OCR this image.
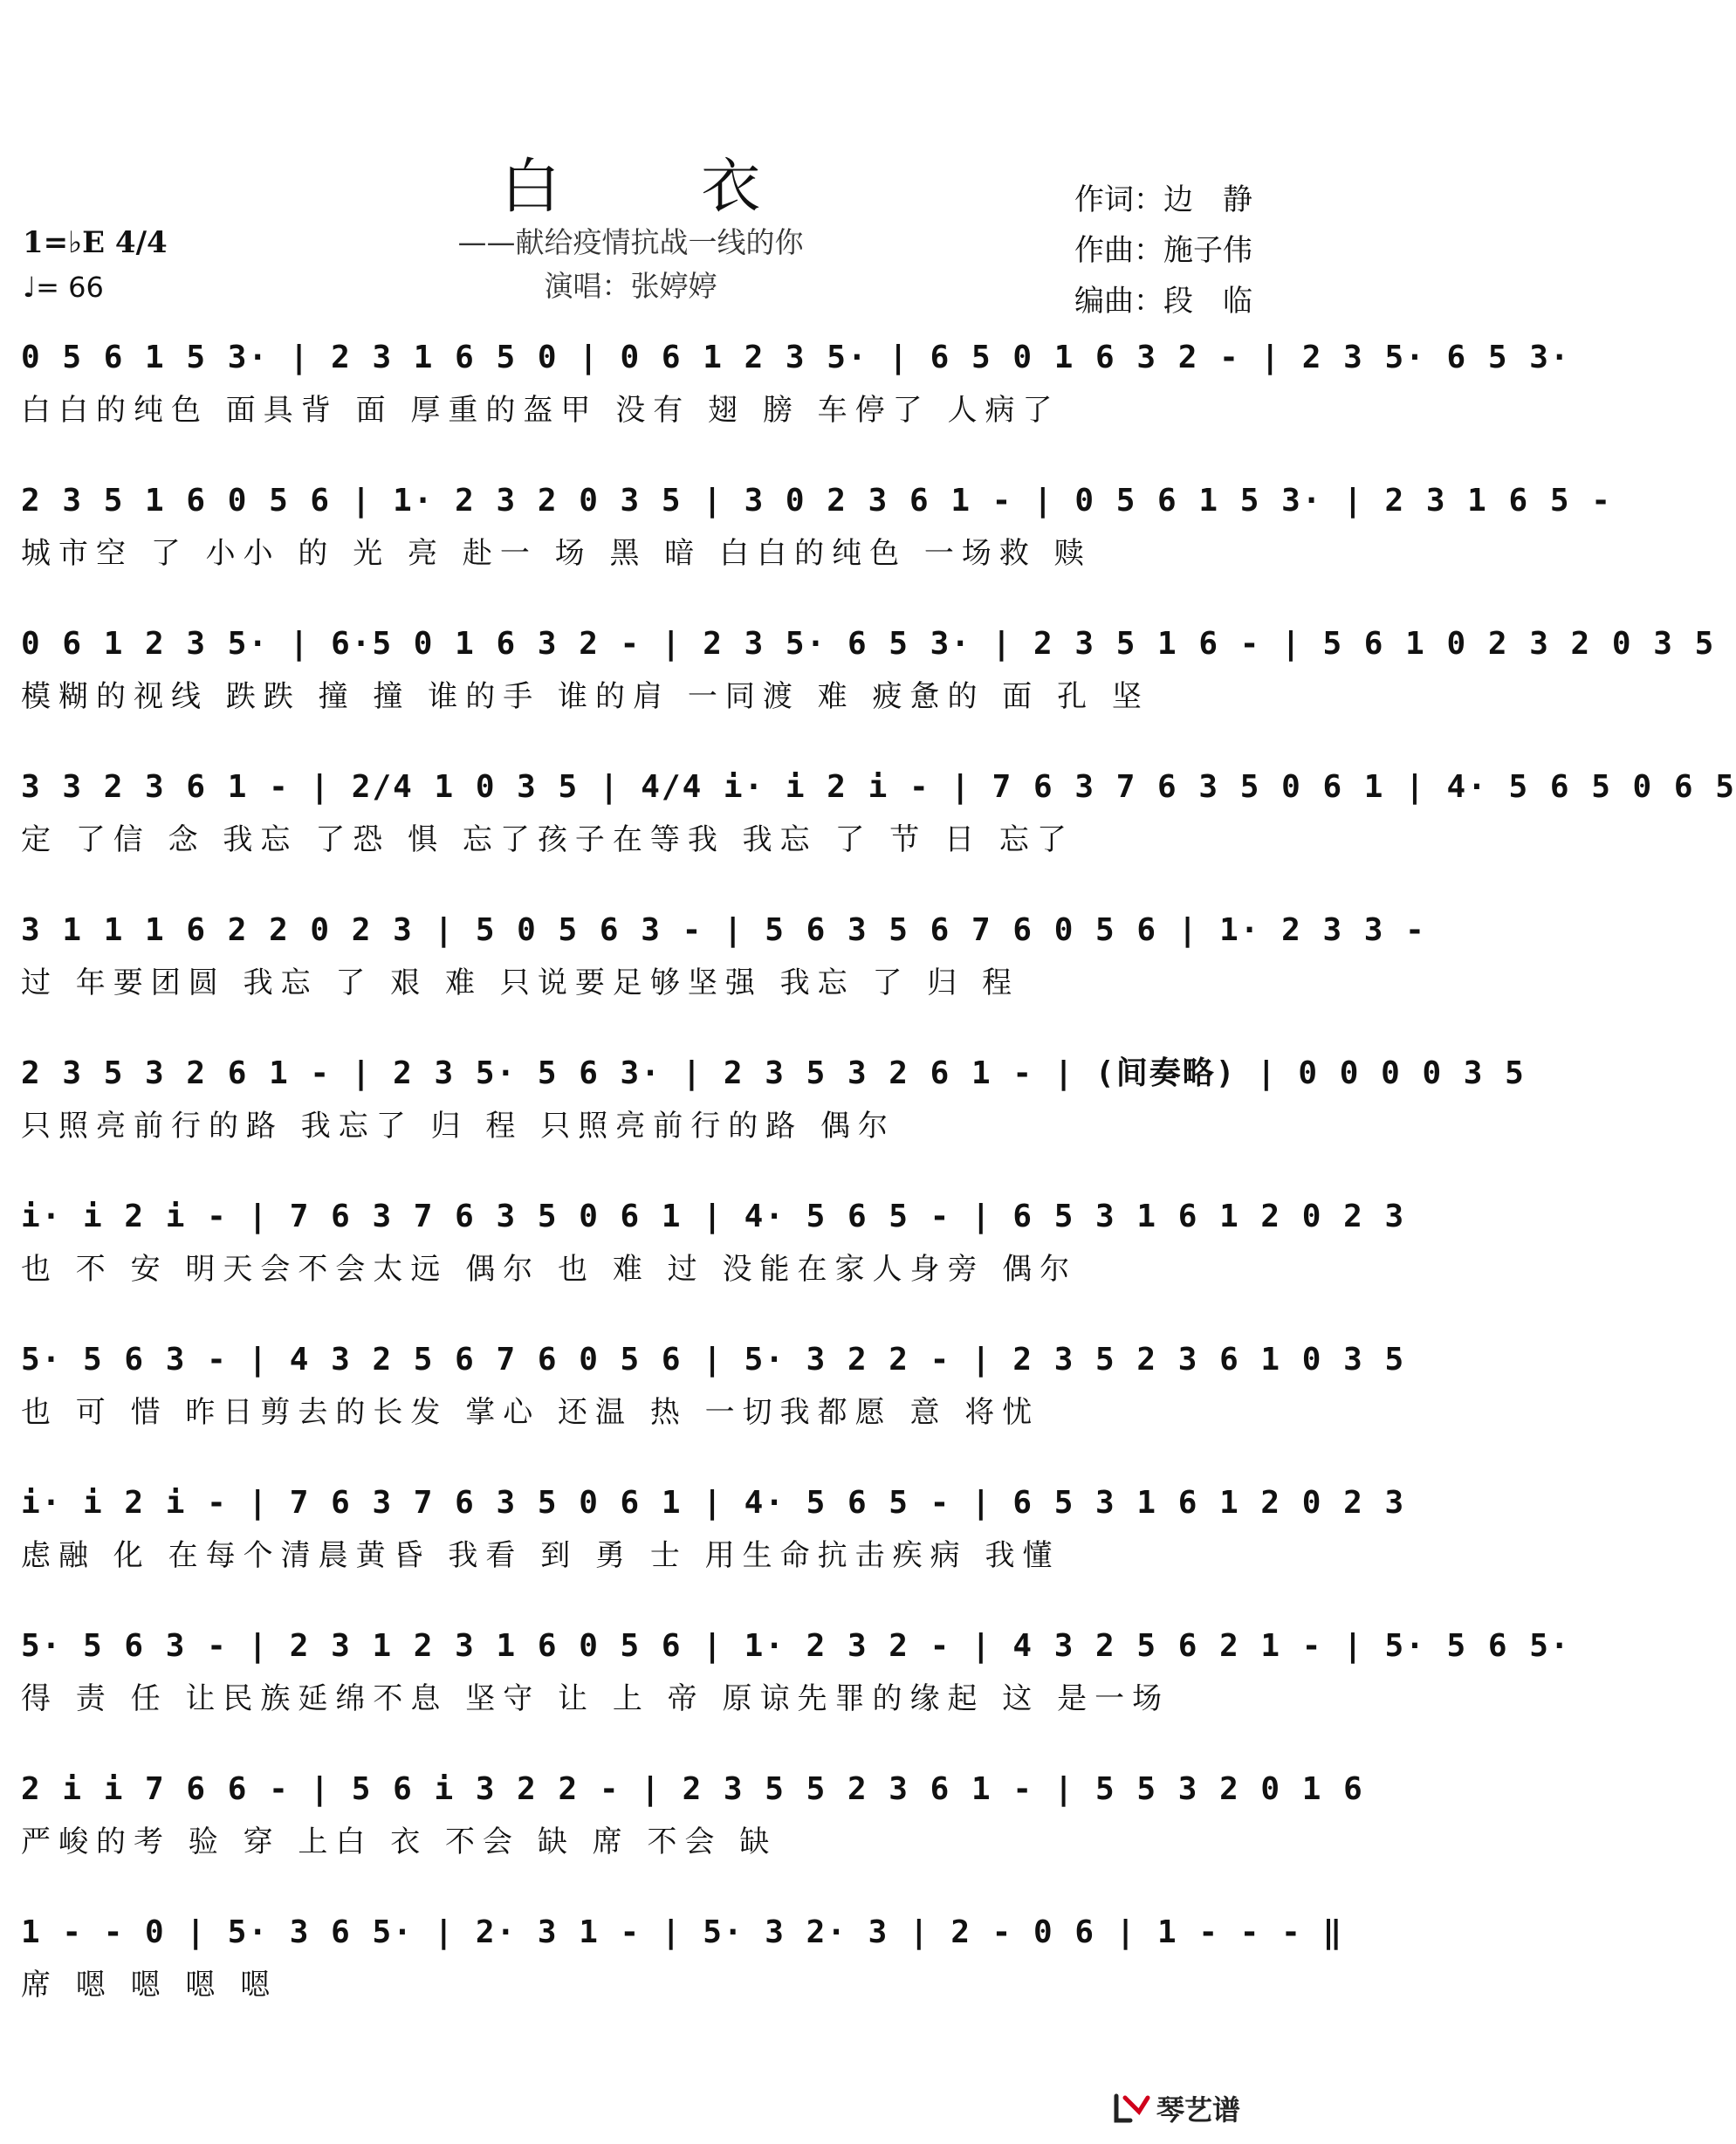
白 衣
——献给疫情抗战一线的你
演唱：张婷婷
作词：边　静
作曲：施子伟
编曲：段　临
1=♭E 4/4
♩= 66
0 5 6 1 5 3· | 2 3 1 6 5 0 | 0 6 1 2 3 5· | 6 5 0 1 6 3 2 - | 2 3 5· 6 5 3·
白白的纯色 面具背 面 厚重的盔甲 没有 翅 膀 车停了 人病了
2 3 5 1 6 0 5 6 | 1· 2 3 2 0 3 5 | 3 0 2 3 6 1 - | 0 5 6 1 5 3· | 2 3 1 6 5 -
城市空 了 小小 的 光 亮 赴一 场 黑 暗 白白的纯色 一场救 赎
0 6 1 2 3 5· | 6·5 0 1 6 3 2 - | 2 3 5· 6 5 3· | 2 3 5 1 6 - | 5 6 1 0 2 3 2 0 3 5
模糊的视线 跌跌 撞 撞 谁的手 谁的肩 一同渡 难 疲惫的 面 孔 坚
3 3 2 3 6 1 - | 2/4 1 0 3 5 | 4/4 i· i 2 i - | 7 6 3 7 6 3 5 0 6 1 | 4· 5 6 5 0 6 5
定 了信 念 我忘 了恐 惧 忘了孩子在等我 我忘 了 节 日 忘了
3 1 1 1 6 2 2 0 2 3 | 5 0 5 6 3 - | 5 6 3 5 6 7 6 0 5 6 | 1· 2 3 3 -
过 年要团圆 我忘 了 艰 难 只说要足够坚强 我忘 了 归 程
2 3 5 3 2 6 1 - | 2 3 5· 5 6 3· | 2 3 5 3 2 6 1 - | (间奏略) | 0 0 0 0 3 5
只照亮前行的路 我忘了 归 程 只照亮前行的路 偶尔
i· i 2 i - | 7 6 3 7 6 3 5 0 6 1 | 4· 5 6 5 - | 6 5 3 1 6 1 2 0 2 3
也 不 安 明天会不会太远 偶尔 也 难 过 没能在家人身旁 偶尔
5· 5 6 3 - | 4 3 2 5 6 7 6 0 5 6 | 5· 3 2 2 - | 2 3 5 2 3 6 1 0 3 5
也 可 惜 昨日剪去的长发 掌心 还温 热 一切我都愿 意 将忧
i· i 2 i - | 7 6 3 7 6 3 5 0 6 1 | 4· 5 6 5 - | 6 5 3 1 6 1 2 0 2 3
虑融 化 在每个清晨黄昏 我看 到 勇 士 用生命抗击疾病 我懂
5· 5 6 3 - | 2 3 1 2 3 1 6 0 5 6 | 1· 2 3 2 - | 4 3 2 5 6 2 1 - | 5· 5 6 5·
得 责 任 让民族延绵不息 坚守 让 上 帝 原谅先罪的缘起 这 是一场
2 i i 7 6 6 - | 5 6 i 3 2 2 - | 2 3 5 5 2 3 6 1 - | 5 5 3 2 0 1 6
严峻的考 验 穿 上白 衣 不会 缺 席 不会 缺
1 - - 0 | 5· 3 6 5· | 2· 3 1 - | 5· 3 2· 3 | 2 - 0 6 | 1 - - - ‖
席 嗯 嗯 嗯 嗯
琴艺谱
